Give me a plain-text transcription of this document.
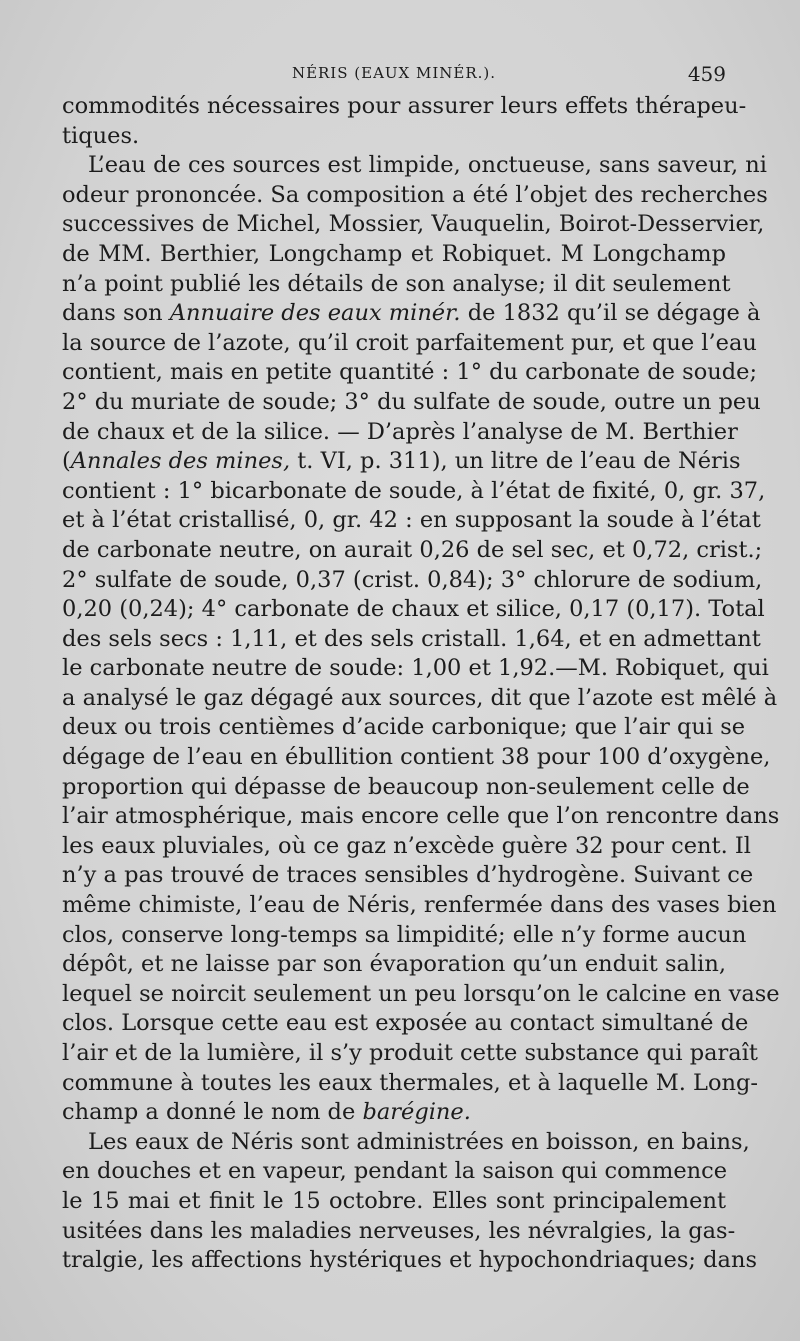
NÉRIS (EAUX MINÉR.).	459
commodités nécessaires pour assurer leurs effets thérapeu-
tiques.
L’eau de ces sources est limpide, onctueuse, sans saveur, ni
odeur prononcée. Sa composition a été l’objet des recherches
successives de Michel, Mossier, Vauquelin, Boirot-Desservier,
de MM. Berthier, Longchamp et Robiquet. M Longchamp
n’a point publié les détails de son analyse; il dit seulement
dans son Annuaire des eaux minér. de 1832 qu’il se dégage à
la source de l’azote, qu’il croit parfaitement pur, et que l’eau
contient, mais en petite quantité : 1° du carbonate de soude;
2° du muriate de soude; 3° du sulfate de soude, outre un peu
de chaux et de la silice. — D’après l’analyse de M. Berthier
(Annales des mines, t. VI, p. 311), un litre de l’eau de Néris
contient : 1° bicarbonate de soude, à l’état de fixité, 0, gr. 37,
et à l’état cristallisé, 0, gr. 42 : en supposant la soude à l’état
de carbonate neutre, on aurait 0,26 de sel sec, et 0,72, crist.;
2° sulfate de soude, 0,37 (crist. 0,84); 3° chlorure de sodium,
0,20 (0,24); 4° carbonate de chaux et silice, 0,17 (0,17). Total
des sels secs : 1,11, et des sels cristall. 1,64, et en admettant
le carbonate neutre de soude: 1,00 et 1,92.—M. Robiquet, qui
a analysé le gaz dégagé aux sources, dit que l’azote est mêlé à
deux ou trois centièmes d’acide carbonique; que l’air qui se
dégage de l’eau en ébullition contient 38 pour 100 d’oxygène,
proportion qui dépasse de beaucoup non-seulement celle de
l’air atmosphérique, mais encore celle que l’on rencontre dans
les eaux pluviales, où ce gaz n’excède guère 32 pour cent. Il
n’y a pas trouvé de traces sensibles d’hydrogène. Suivant ce
même chimiste, l’eau de Néris, renfermée dans des vases bien
clos, conserve long-temps sa limpidité; elle n’y forme aucun
dépôt, et ne laisse par son évaporation qu’un enduit salin,
lequel se noircit seulement un peu lorsqu’on le calcine en vase
clos. Lorsque cette eau est exposée au contact simultané de
l’air et de la lumière, il s’y produit cette substance qui paraît
commune à toutes les eaux thermales, et à laquelle M. Long-
champ a donné le nom de barégine.
Les eaux de Néris sont administrées en boisson, en bains,
en douches et en vapeur, pendant la saison qui commence
le 15 mai et finit le 15 octobre. Elles sont principalement
usitées dans les maladies nerveuses, les névralgies, la gas-
tralgie, les affections hystériques et hypochondriaques; dans
